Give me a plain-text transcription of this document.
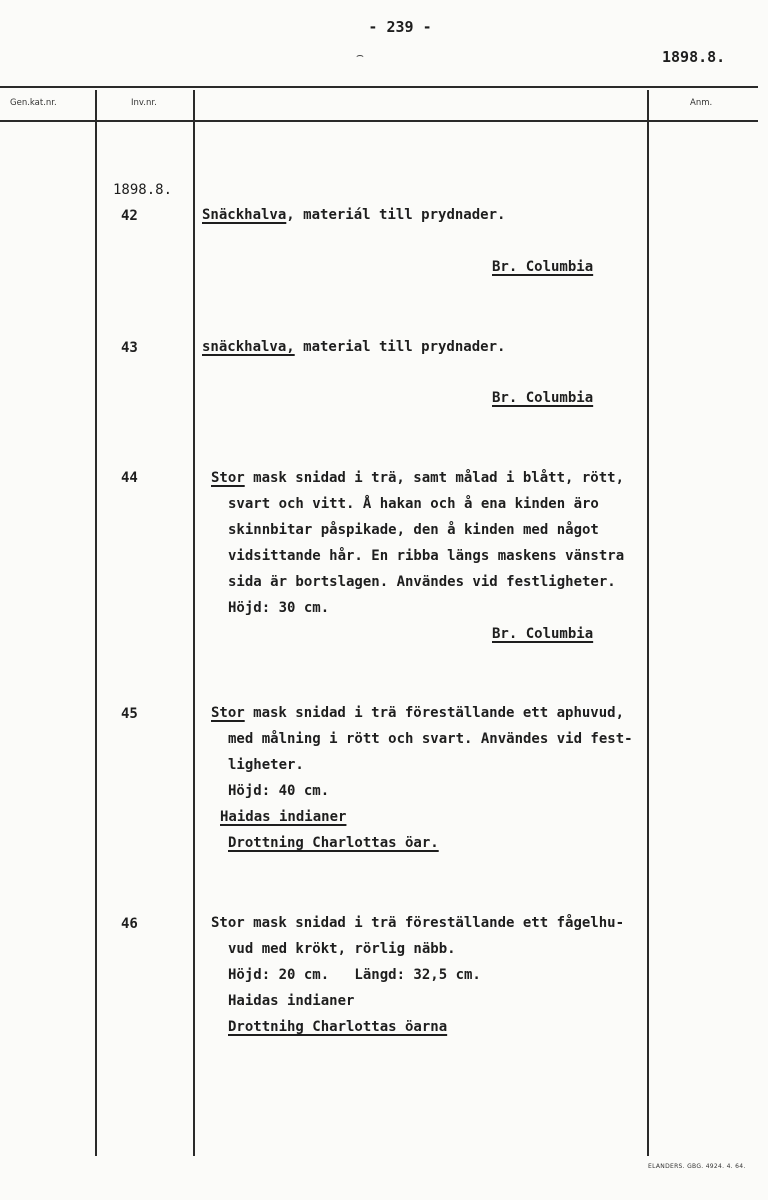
- 239 -
⌢	1898.8.
Gen.kat.nr.	Inv.nr.	Anm.
1898.8.
42	Snäckhalva, materiál till prydnader.
Br. Columbia
43	snäckhalva, material till prydnader.
Br. Columbia
44	Stor mask snidad i trä, samt målad i blått, rött,
svart och vitt. Å hakan och å ena kinden äro
skinnbitar påspikade, den å kinden med något
vidsittande hår. En ribba längs maskens vänstra
sida är bortslagen. Användes vid festligheter.
Höjd: 30 cm.
Br. Columbia
45	Stor mask snidad i trä föreställande ett aphuvud,
med målning i rött och svart. Användes vid fest-
ligheter.
Höjd: 40 cm.
Haidas indianer
Drottning Charlottas öar.
46	Stor mask snidad i trä föreställande ett fågelhu-
vud med krökt, rörlig näbb.
Höjd: 20 cm.   Längd: 32,5 cm.
Haidas indianer
Drottnihg Charlottas öarna
ELANDERS. GBG. 4924. 4. 64.
